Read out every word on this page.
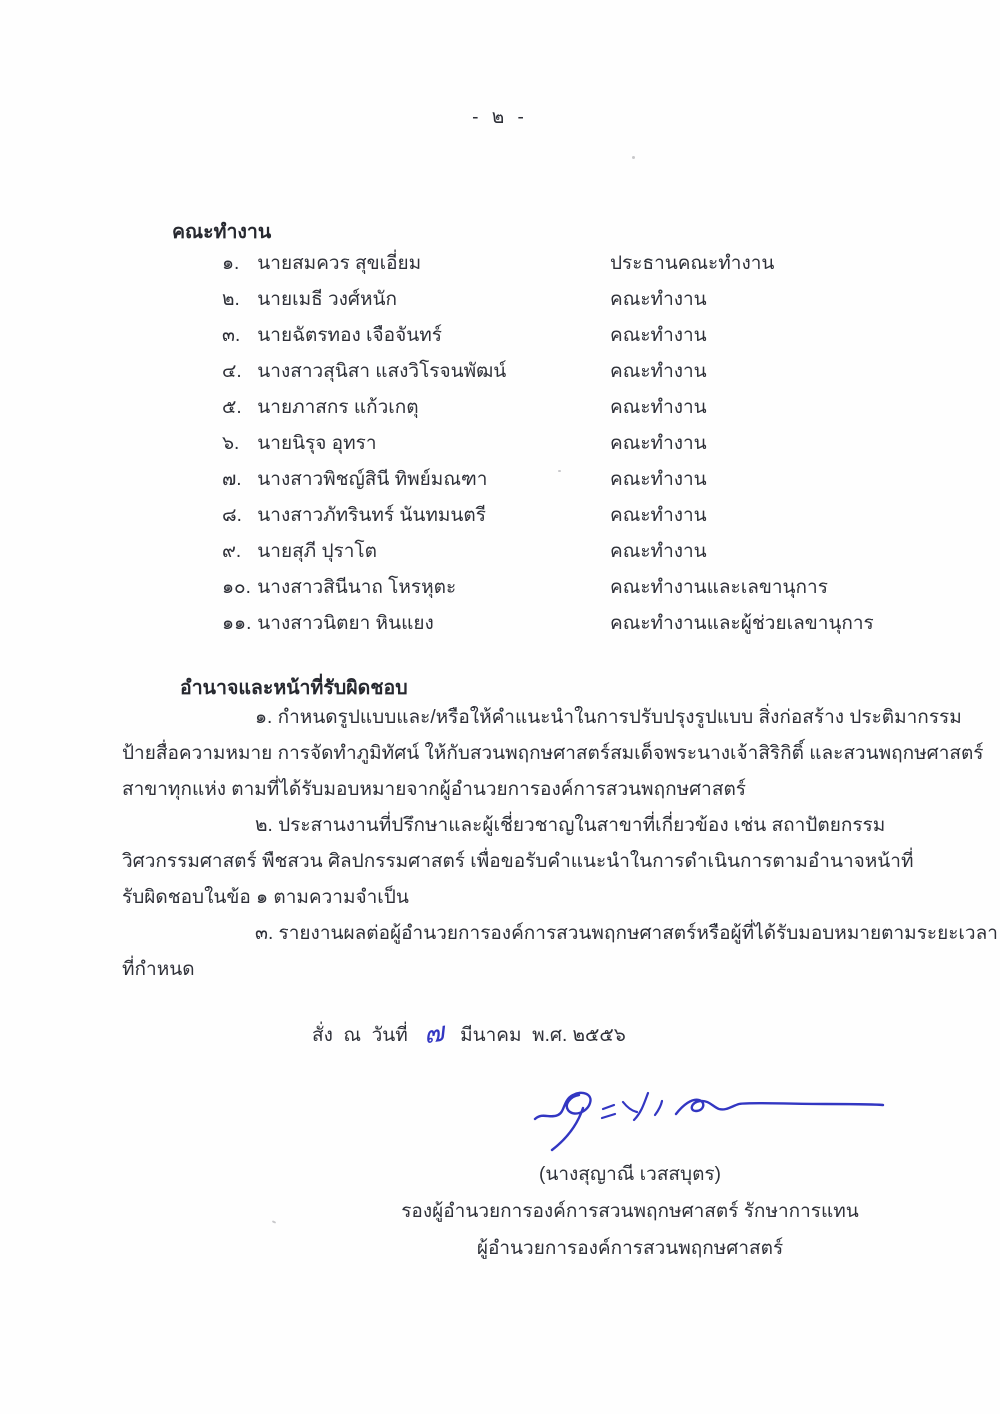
- ๒ -
คณะทำงาน
๑. นายสมควร สุขเอี่ยม	ประธานคณะทำงาน
๒. นายเมธี วงศ์หนัก	คณะทำงาน
๓. นายฉัตรทอง เจือจันทร์	คณะทำงาน
๔. นางสาวสุนิสา แสงวิโรจนพัฒน์	คณะทำงาน
๕. นายภาสกร แก้วเกตุ	คณะทำงาน
๖. นายนิรุจ อุทรา	คณะทำงาน
๗. นางสาวพิชญ์สินี ทิพย์มณฑา	คณะทำงาน
๘. นางสาวภัทรินทร์ นันทมนตรี	คณะทำงาน
๙. นายสุภี ปุราโต	คณะทำงาน
๑๐. นางสาวสินีนาถ โหรหุตะ	คณะทำงานและเลขานุการ
๑๑. นางสาวนิตยา หินแยง	คณะทำงานและผู้ช่วยเลขานุการ
อำนาจและหน้าที่รับผิดชอบ
๑. กำหนดรูปแบบและ/หรือให้คำแนะนำในการปรับปรุงรูปแบบ สิ่งก่อสร้าง ประติมากรรม
ป้ายสื่อความหมาย การจัดทำภูมิทัศน์ ให้กับสวนพฤกษศาสตร์สมเด็จพระนางเจ้าสิริกิติ์ และสวนพฤกษศาสตร์
สาขาทุกแห่ง ตามที่ได้รับมอบหมายจากผู้อำนวยการองค์การสวนพฤกษศาสตร์
๒. ประสานงานที่ปรึกษาและผู้เชี่ยวชาญในสาขาที่เกี่ยวข้อง เช่น สถาปัตยกรรม
วิศวกรรมศาสตร์ พืชสวน ศิลปกรรมศาสตร์ เพื่อขอรับคำแนะนำในการดำเนินการตามอำนาจหน้าที่
รับผิดชอบในข้อ ๑ ตามความจำเป็น
๓. รายงานผลต่อผู้อำนวยการองค์การสวนพฤกษศาสตร์หรือผู้ที่ได้รับมอบหมายตามระยะเวลา
ที่กำหนด
สั่ง  ณ  วันที่ ๗ มีนาคม  พ.ศ. ๒๕๕๖
(นางสุญาณี เวสสบุตร)
รองผู้อำนวยการองค์การสวนพฤกษศาสตร์ รักษาการแทน
ผู้อำนวยการองค์การสวนพฤกษศาสตร์
